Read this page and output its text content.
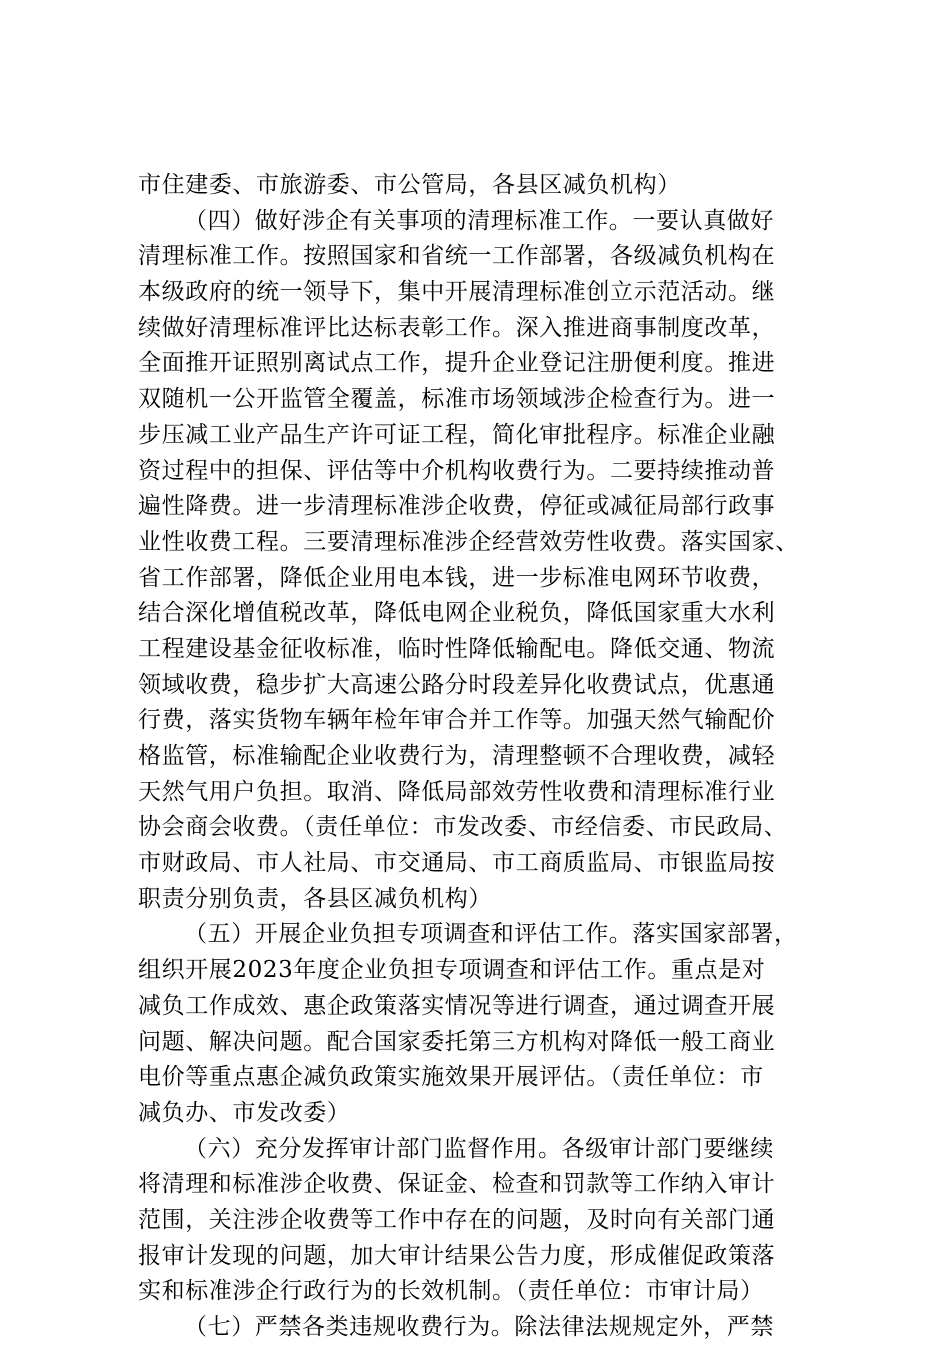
市住建委、市旅游委、市公管局，各县区减负机构）
（四）做好涉企有关事项的清理标准工作。一要认真做好
清理标准工作。按照国家和省统一工作部署，各级减负机构在
本级政府的统一领导下，集中开展清理标准创立示范活动。继
续做好清理标准评比达标表彰工作。深入推进商事制度改革，
全面推开证照别离试点工作，提升企业登记注册便利度。推进
双随机一公开监管全覆盖，标准市场领域涉企检查行为。进一
步压减工业产品生产许可证工程，简化审批程序。标准企业融
资过程中的担保、评估等中介机构收费行为。二要持续推动普
遍性降费。进一步清理标准涉企收费，停征或减征局部行政事
业性收费工程。三要清理标准涉企经营效劳性收费。落实国家、
省工作部署，降低企业用电本钱，进一步标准电网环节收费，
结合深化增值税改革，降低电网企业税负，降低国家重大水利
工程建设基金征收标准，临时性降低输配电。降低交通、物流
领域收费，稳步扩大高速公路分时段差异化收费试点，优惠通
行费，落实货物车辆年检年审合并工作等。加强天然气输配价
格监管，标准输配企业收费行为，清理整顿不合理收费，减轻
天然气用户负担。取消、降低局部效劳性收费和清理标准行业
协会商会收费。（责任单位：市发改委、市经信委、市民政局、
市财政局、市人社局、市交通局、市工商质监局、市银监局按
职责分别负责，各县区减负机构）
（五）开展企业负担专项调查和评估工作。落实国家部署，
组织开展2023年度企业负担专项调查和评估工作。重点是对
减负工作成效、惠企政策落实情况等进行调查，通过调查开展
问题、解决问题。配合国家委托第三方机构对降低一般工商业
电价等重点惠企减负政策实施效果开展评估。（责任单位：市
减负办、市发改委）
（六）充分发挥审计部门监督作用。各级审计部门要继续
将清理和标准涉企收费、保证金、检查和罚款等工作纳入审计
范围，关注涉企收费等工作中存在的问题，及时向有关部门通
报审计发现的问题，加大审计结果公告力度，形成催促政策落
实和标准涉企行政行为的长效机制。（责任单位：市审计局）
（七）严禁各类违规收费行为。除法律法规规定外，严禁
